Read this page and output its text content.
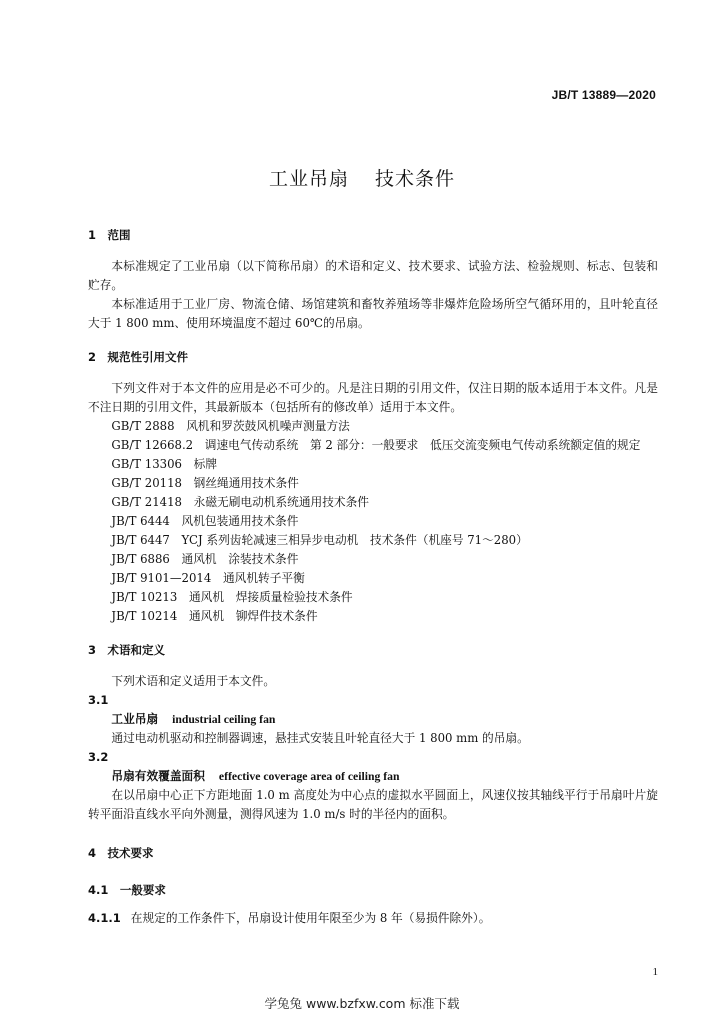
JB/T 13889—2020
工业吊扇 技术条件
1　范围
本标准规定了工业吊扇（以下简称吊扇）的术语和定义、技术要求、试验方法、检验规则、标志、包装和贮存。
本标准适用于工业厂房、物流仓储、场馆建筑和畜牧养殖场等非爆炸危险场所空气循环用的，且叶轮直径大于 1 800 mm、使用环境温度不超过 60℃的吊扇。
2　规范性引用文件
下列文件对于本文件的应用是必不可少的。凡是注日期的引用文件，仅注日期的版本适用于本文件。凡是不注日期的引用文件，其最新版本（包括所有的修改单）适用于本文件。
GB/T 2888　风机和罗茨鼓风机噪声测量方法
GB/T 12668.2　调速电气传动系统　第 2 部分：一般要求　低压交流变频电气传动系统额定值的规定
GB/T 13306　标牌
GB/T 20118　钢丝绳通用技术条件
GB/T 21418　永磁无刷电动机系统通用技术条件
JB/T 6444　风机包装通用技术条件
JB/T 6447　YCJ 系列齿轮减速三相异步电动机　技术条件（机座号 71～280）
JB/T 6886　通风机　涂装技术条件
JB/T 9101—2014　通风机转子平衡
JB/T 10213　通风机　焊接质量检验技术条件
JB/T 10214　通风机　铆焊件技术条件
3　术语和定义
下列术语和定义适用于本文件。
3.1
工业吊扇 industrial ceiling fan
通过电动机驱动和控制器调速，悬挂式安装且叶轮直径大于 1 800 mm 的吊扇。
3.2
吊扇有效覆盖面积 effective coverage area of ceiling fan
在以吊扇中心正下方距地面 1.0 m 高度处为中心点的虚拟水平圆面上，风速仪按其轴线平行于吊扇叶片旋转平面沿直线水平向外测量，测得风速为 1.0 m/s 时的半径内的面积。
4　技术要求
4.1　一般要求
4.1.1 在规定的工作条件下，吊扇设计使用年限至少为 8 年（易损件除外）。
1
学兔兔 www.bzfxw.com 标准下载
